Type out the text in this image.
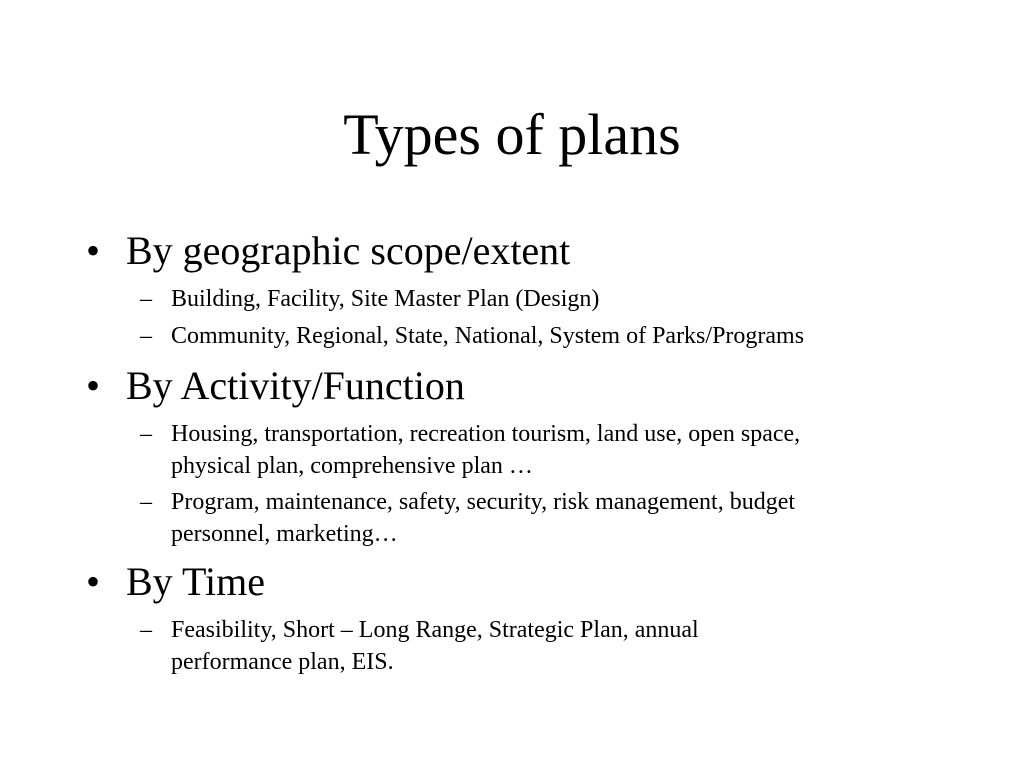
Types of plans
• By geographic scope/extent
– Building, Facility, Site Master Plan (Design)
– Community, Regional, State, National, System of Parks/Programs
• By Activity/Function
– Housing, transportation, recreation tourism, land use, open space,
physical plan, comprehensive plan …
– Program, maintenance, safety, security, risk management, budget
personnel, marketing…
• By Time
– Feasibility, Short – Long Range, Strategic Plan, annual
performance plan, EIS.
